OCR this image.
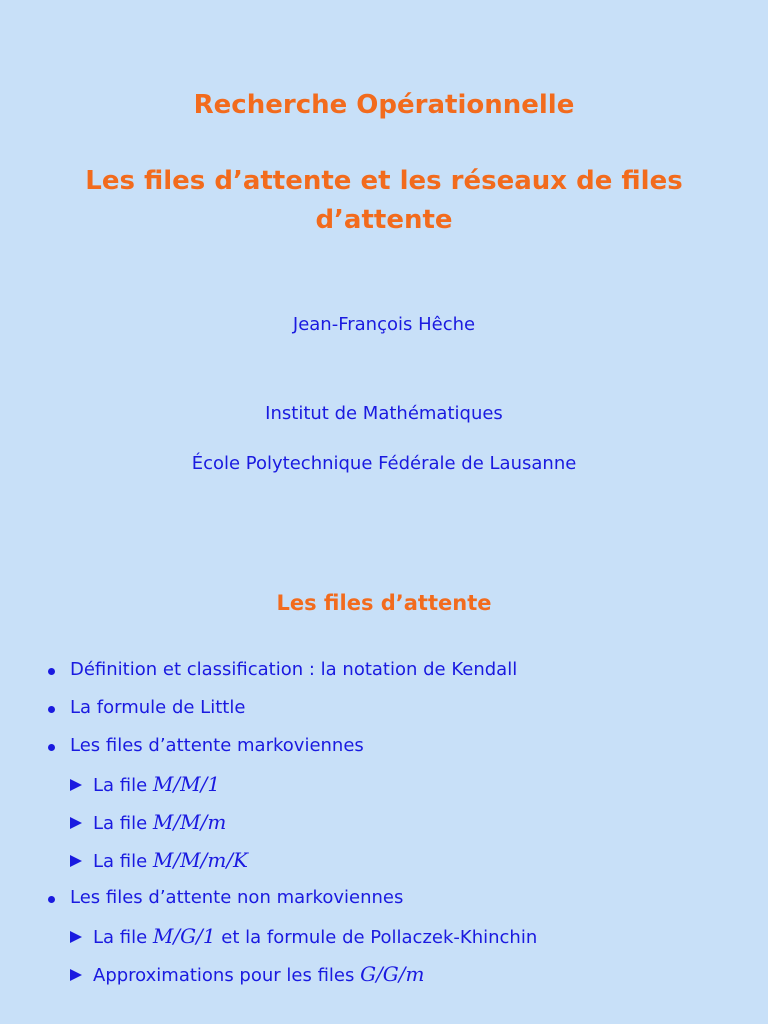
Recherche Opérationnelle
Les files d’attente et les réseaux de files d’attente
Jean-François Hêche
Institut de Mathématiques
École Polytechnique Fédérale de Lausanne
Les files d’attente
Définition et classification : la notation de Kendall
La formule de Little
Les files d’attente markoviennes
La file M/M/1
La file M/M/m
La file M/M/m/K
Les files d’attente non markoviennes
La file M/G/1 et la formule de Pollaczek-Khinchin
Approximations pour les files G/G/m
